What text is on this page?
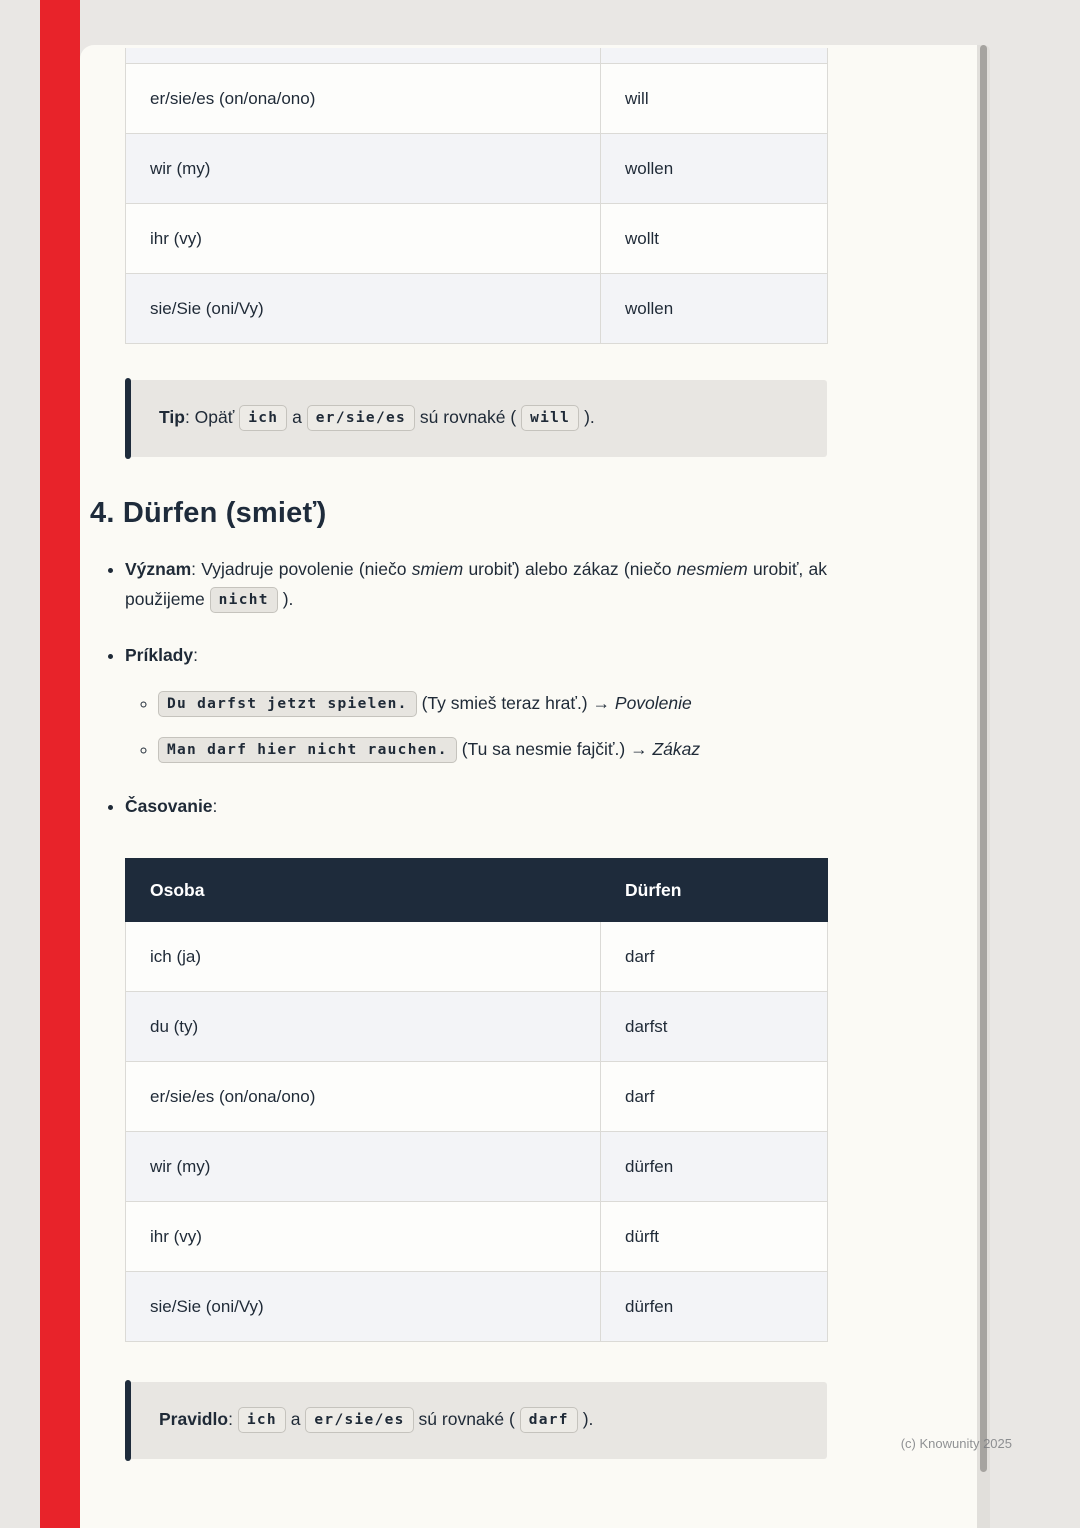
er/sie/es (on/ona/ono)	will
wir (my)	wollen
ihr (vy)	wollt
sie/Sie (oni/Vy)	wollen
Tip: Opäť ich a er/sie/es sú rovnaké ( will ).
4. Dürfen (smieť)
• Význam: Vyjadruje povolenie (niečo smiem urobiť) alebo zákaz (niečo nesmiem urobiť, ak použijeme nicht ).
• Príklady:
◦ Du darfst jetzt spielen. (Ty smieš teraz hrať.) → Povolenie
◦ Man darf hier nicht rauchen. (Tu sa nesmie fajčiť.) → Zákaz
• Časovanie:
Osoba	Dürfen
ich (ja)	darf
du (ty)	darfst
er/sie/es (on/ona/ono)	darf
wir (my)	dürfen
ihr (vy)	dürft
sie/Sie (oni/Vy)	dürfen
Pravidlo: ich a er/sie/es sú rovnaké ( darf ).
(c) Knowunity 2025
